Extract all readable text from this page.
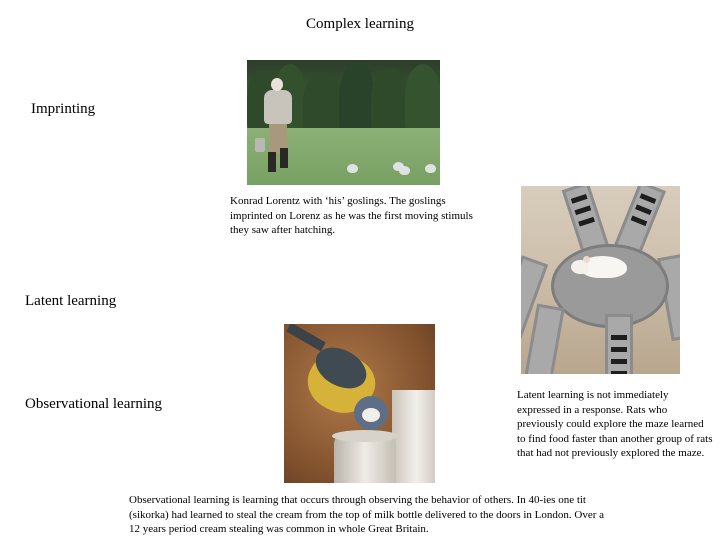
Complex learning
Imprinting
Latent learning
Observational learning
Konrad Lorentz with ‘his’ goslings. The goslings imprinted on Lorenz as he was the first moving stimuls they saw after hatching.
Latent learning is not immediately expressed in a response. Rats who previously could explore the maze learned to find food faster than another group of rats that had not previously explored the maze.
Observational learning is learning that occurs through observing the behavior of others. In 40-ies one tit (sikorka) had learned to steal the cream from the top of milk bottle delivered to the doors in London. Over a 12 years period cream stealing was common in whole Great Britain.
